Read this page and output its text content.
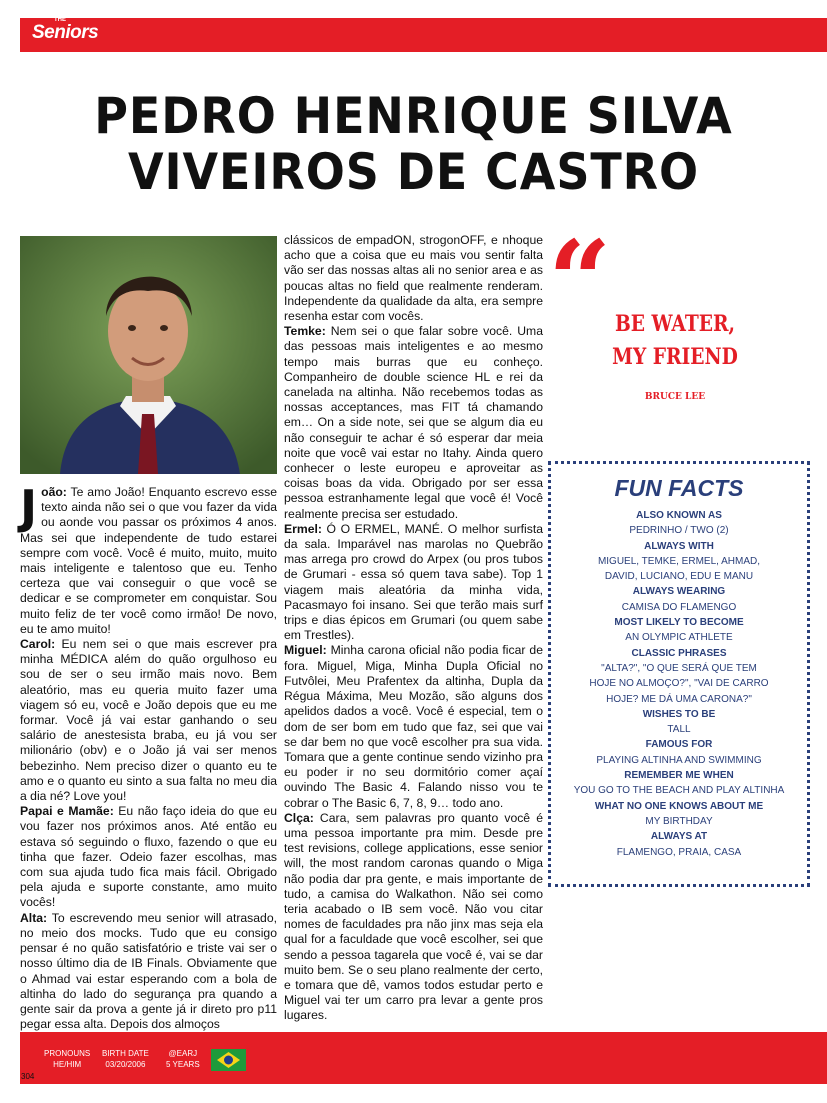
THE
Seniors
PEDRO HENRIQUE SILVA
VIVEIROS DE CASTRO
J oão: Te amo João! Enquanto escrevo esse texto ainda não sei o que vou fazer da vida ou aonde vou passar os próximos 4 anos. Mas sei que independente de tudo estarei sempre com você. Você é muito, muito, muito mais inteligente e talentoso que eu. Tenho certeza que vai conseguir o que você se dedicar e se comprometer em conquistar. Sou muito feliz de ter você como irmão! De novo, eu te amo muito!

Carol: Eu nem sei o que mais escrever pra minha MÉDICA além do quão orgulhoso eu sou de ser o seu irmão mais novo. Bem aleatório, mas eu queria muito fazer uma viagem só eu, você e João depois que eu me formar. Você já vai estar ganhando o seu salário de anestesista braba, eu já vou ser milionário (obv) e o João já vai ser menos bebezinho. Nem preciso dizer o quanto eu te amo e o quanto eu sinto a sua falta no meu dia a dia né? Love you!

Papai e Mamãe: Eu não faço ideia do que eu vou fazer nos próximos anos. Até então eu estava só seguindo o fluxo, fazendo o que eu tinha que fazer. Odeio fazer escolhas, mas com sua ajuda tudo fica mais fácil. Obrigado pela ajuda e suporte constante, amo muito vocês!

Alta: To escrevendo meu senior will atrasado, no meio dos mocks. Tudo que eu consigo pensar é no quão satisfatório e triste vai ser o nosso último dia de IB Finals. Obviamente que o Ahmad vai estar esperando com a bola de altinha do lado do segurança pra quando a gente sair da prova a gente já ir direto pro p11 pegar essa alta. Depois dos almoços

clássicos de empadON, strogonOFF, e nhoque acho que a coisa que eu mais vou sentir falta vão ser das nossas altas ali no senior area e as poucas altas no field que realmente renderam. Independente da qualidade da alta, era sempre resenha estar com vocês.

Temke: Nem sei o que falar sobre você. Uma das pessoas mais inteligentes e ao mesmo tempo mais burras que eu conheço. Companheiro de double science HL e rei da canelada na altinha. Não recebemos todas as nossas acceptances, mas FIT tá chamando em… On a side note, sei que se algum dia eu não conseguir te achar é só esperar dar meia noite que você vai estar no Itahy. Ainda quero conhecer o leste europeu e aproveitar as coisas boas da vida. Obrigado por ser essa pessoa estranhamente legal que você é! Você realmente precisa ser estudado.

Ermel: Ó O ERMEL, MANÉ. O melhor surfista da sala. Imparável nas marolas no Quebrão mas arrega pro crowd do Arpex (ou pros tubos de Grumari - essa só quem tava sabe). Top 1 viagem mais aleatória da minha vida, Pacasmayo foi insano. Sei que terão mais surf trips e dias épicos em Grumari (ou quem sabe em Trestles).

Miguel: Minha carona oficial não podia ficar de fora. Miguel, Miga, Minha Dupla Oficial no Futvôlei, Meu Prafentex da altinha, Dupla da Régua Máxima, Meu Mozão, são alguns dos apelidos dados a você. Você é especial, tem o dom de ser bom em tudo que faz, sei que vai se dar bem no que você escolher pra sua vida. Tomara que a gente continue sendo vizinho pra eu poder ir no seu dormitório comer açaí ouvindo The Basic 4. Falando nisso vou te cobrar o The Basic 6, 7, 8, 9… todo ano.

Clça: Cara, sem palavras pro quanto você é uma pessoa importante pra mim. Desde pre test revisions, college applications, esse senior will, the most random caronas quando o Miga não podia dar pra gente, e mais importante de tudo, a camisa do Walkathon. Não sei como teria acabado o IB sem você. Não vou citar nomes de faculdades pra não jinx mas seja ela qual for a faculdade que você escolher, sei que sendo a pessoa tagarela que você é, vai se dar muito bem. Se o seu plano realmente der certo, e tomara que dê, vamos todos estudar perto e Miguel vai ter um carro pra levar a gente pros lugares.

“ BE WATER,
MY FRIEND
BRUCE LEE
FUN FACTS
ALSO KNOWN AS
PEDRINHO / TWO (2)
ALWAYS WITH
MIGUEL, TEMKE, ERMEL, AHMAD,
DAVID, LUCIANO, EDU E MANU
ALWAYS WEARING
CAMISA DO FLAMENGO
MOST LIKELY TO BECOME
AN OLYMPIC ATHLETE
CLASSIC PHRASES
"ALTA?", "O QUE SERÁ QUE TEM
HOJE NO ALMOÇO?", "VAI DE CARRO
HOJE? ME DÁ UMA CARONA?"
WISHES TO BE
TALL
FAMOUS FOR
PLAYING ALTINHA AND SWIMMING
REMEMBER ME WHEN
YOU GO TO THE BEACH AND PLAY ALTINHA
WHAT NO ONE KNOWS ABOUT ME
MY BIRTHDAY
ALWAYS AT
FLAMENGO, PRAIA, CASA
PRONOUNS
HE/HIM
BIRTH DATE
03/20/2006
@EARJ
5 YEARS
304
